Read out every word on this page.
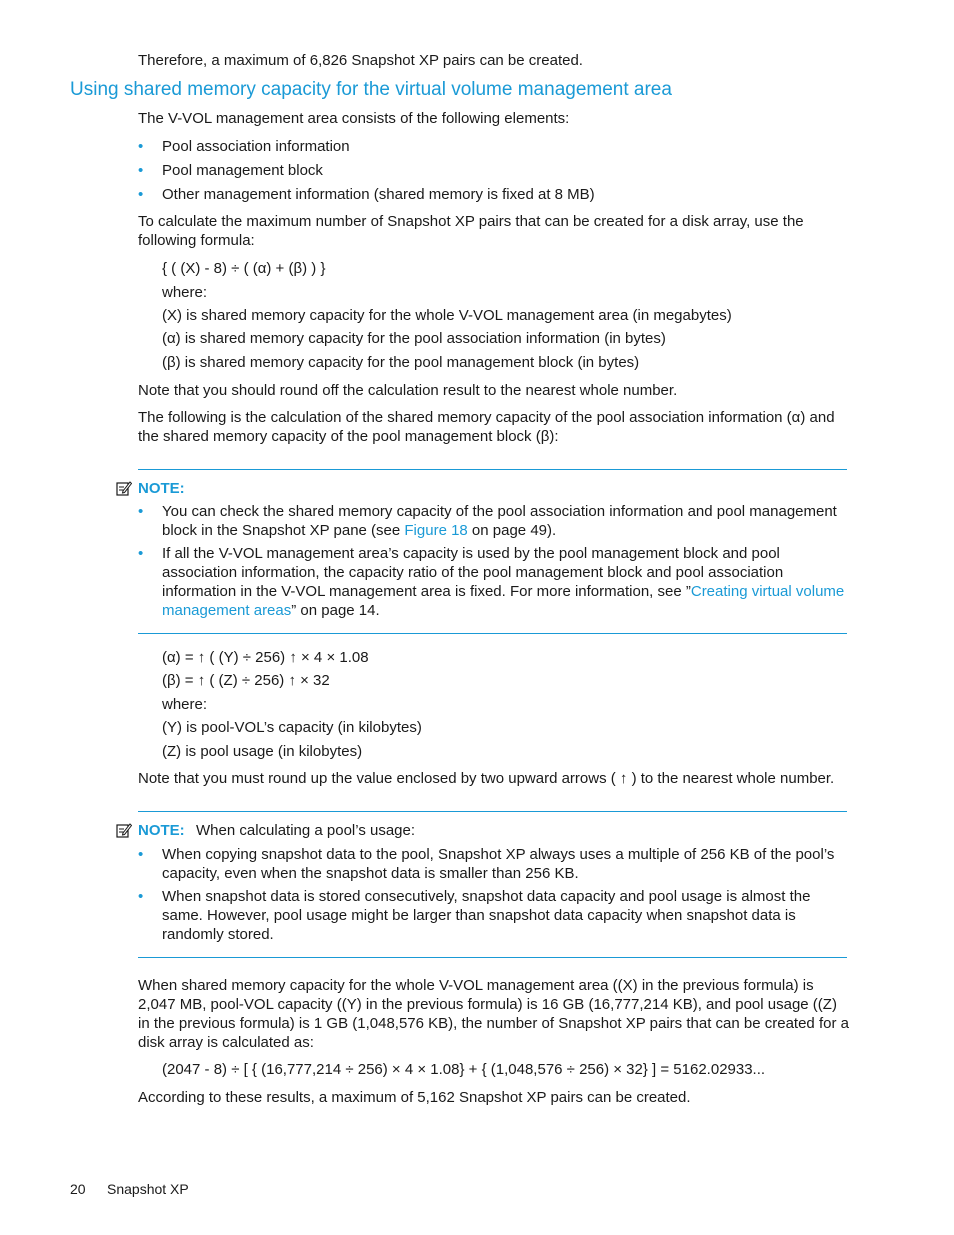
Therefore, a maximum of 6,826 Snapshot XP pairs can be created.

Using shared memory capacity for the virtual volume management area

The V-VOL management area consists of the following elements:

• Pool association information
• Pool management block
• Other management information (shared memory is fixed at 8 MB)

To calculate the maximum number of Snapshot XP pairs that can be created for a disk array, use the following formula:

{ ( (X) - 8) ÷ ( (α) + (β) ) }

where:

(X) is shared memory capacity for the whole V-VOL management area (in megabytes)

(α) is shared memory capacity for the pool association information (in bytes)

(β) is shared memory capacity for the pool management block (in bytes)

Note that you should round off the calculation result to the nearest whole number.

The following is the calculation of the shared memory capacity of the pool association information (α) and the shared memory capacity of the pool management block (β):

NOTE:
• You can check the shared memory capacity of the pool association information and pool management block in the Snapshot XP pane (see Figure 18 on page 49).
• If all the V-VOL management area’s capacity is used by the pool management block and pool association information, the capacity ratio of the pool management block and pool association information in the V-VOL management area is fixed. For more information, see ”Creating virtual volume management areas” on page 14.

(α) = ↑ ( (Y) ÷ 256) ↑ × 4 × 1.08

(β) = ↑ ( (Z) ÷ 256) ↑ × 32

where:

(Y) is pool-VOL’s capacity (in kilobytes)

(Z) is pool usage (in kilobytes)

Note that you must round up the value enclosed by two upward arrows ( ↑ ) to the nearest whole number.

NOTE: When calculating a pool’s usage:
• When copying snapshot data to the pool, Snapshot XP always uses a multiple of 256 KB of the pool’s capacity, even when the snapshot data is smaller than 256 KB.
• When snapshot data is stored consecutively, snapshot data capacity and pool usage is almost the same. However, pool usage might be larger than snapshot data capacity when snapshot data is randomly stored.

When shared memory capacity for the whole V-VOL management area ((X) in the previous formula) is 2,047 MB, pool-VOL capacity ((Y) in the previous formula) is 16 GB (16,777,214 KB), and pool usage ((Z) in the previous formula) is 1 GB (1,048,576 KB), the number of Snapshot XP pairs that can be created for a disk array is calculated as:

(2047 - 8) ÷ [ { (16,777,214 ÷ 256) × 4 × 1.08} + { (1,048,576 ÷ 256) × 32} ] = 5162.02933...

According to these results, a maximum of 5,162 Snapshot XP pairs can be created.

20 Snapshot XP
